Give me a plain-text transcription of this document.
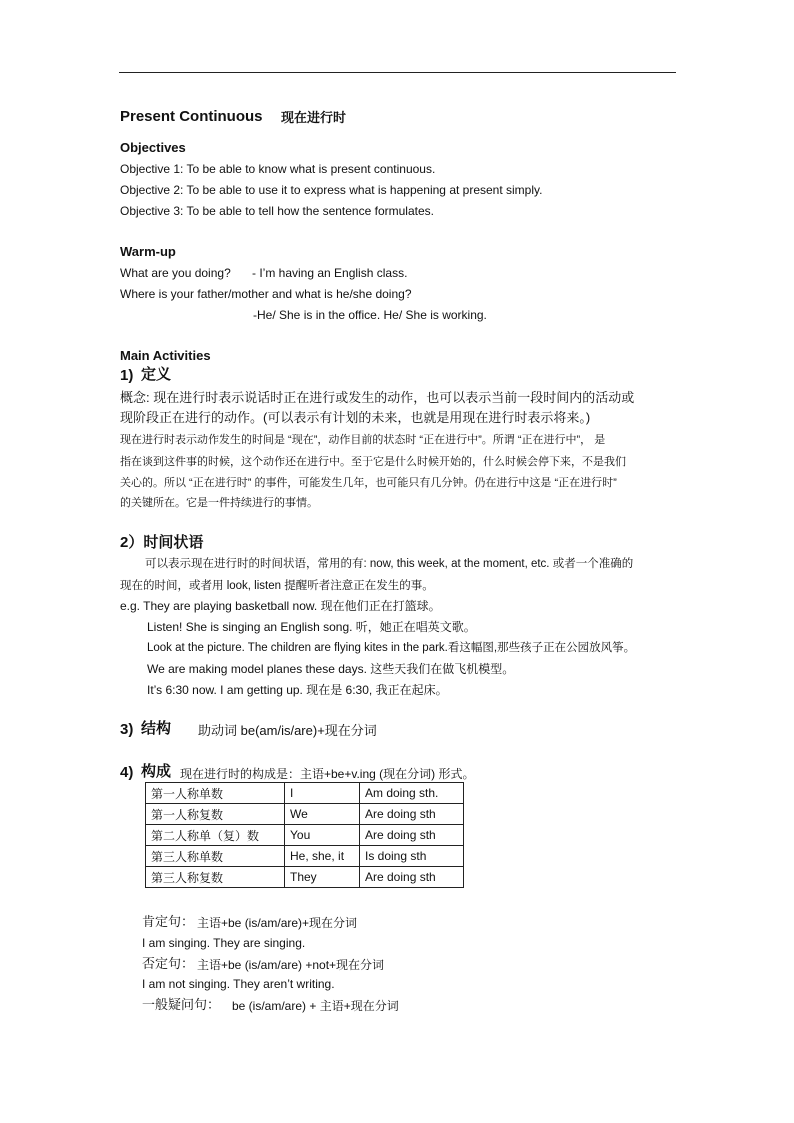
Present Continuous 现在进行时
Objectives
Objective 1: To be able to know what is present continuous.
Objective 2: To be able to use it to express what is happening at present simply.
Objective 3: To be able to tell how the sentence formulates.
Warm-up
What are you doing? - I’m having an English class.
Where is your father/mother and what is he/she doing?
-He/ She is in the office. He/ She is working.
Main Activities
1) 定义
概念: 现在进行时表示说话时正在进行或发生的动作，也可以表示当前一段时间内的活动或
现阶段正在进行的动作。(可以表示有计划的未来，也就是用现在进行时表示将来。)
现在进行时表示动作发生的时间是 “现在”，动作目前的状态时 “正在进行中”。所谓 “正在进行中”， 是
指在谈到这件事的时候，这个动作还在进行中。至于它是什么时候开始的，什么时候会停下来，不是我们
关心的。所以 “正在进行时” 的事件，可能发生几年，也可能只有几分钟。仍在进行中这是 “正在进行时”
的关键所在。它是一件持续进行的事情。
2）时间状语
可以表示现在进行时的时间状语，常用的有: now, this week, at the moment, etc. 或者一个准确的
现在的时间，或者用 look, listen 提醒听者注意正在发生的事。
e.g. They are playing basketball now. 现在他们正在打篮球。
Listen! She is singing an English song. 听，她正在唱英文歌。
Look at the picture. The children are flying kites in the park.看这幅图,那些孩子正在公园放风筝。
We are making model planes these days. 这些天我们在做飞机模型。
It’s 6:30 now. I am getting up. 现在是 6:30, 我正在起床。
3) 结构 助动词 be(am/is/are)+现在分词
4) 构成 现在进行时的构成是：主语+be+v.ing (现在分词) 形式。
第一人称单数	I	Am doing sth.
第一人称复数	We	Are doing sth
第二人称单（复）数	You	Are doing sth
第三人称单数	He, she, it	Is doing sth
第三人称复数	They	Are doing sth
肯定句： 主语+be (is/am/are)+现在分词
I am singing. They are singing.
否定句： 主语+be (is/am/are) +not+现在分词
I am not singing. They aren’t writing.
一般疑问句： be (is/am/are) + 主语+现在分词
